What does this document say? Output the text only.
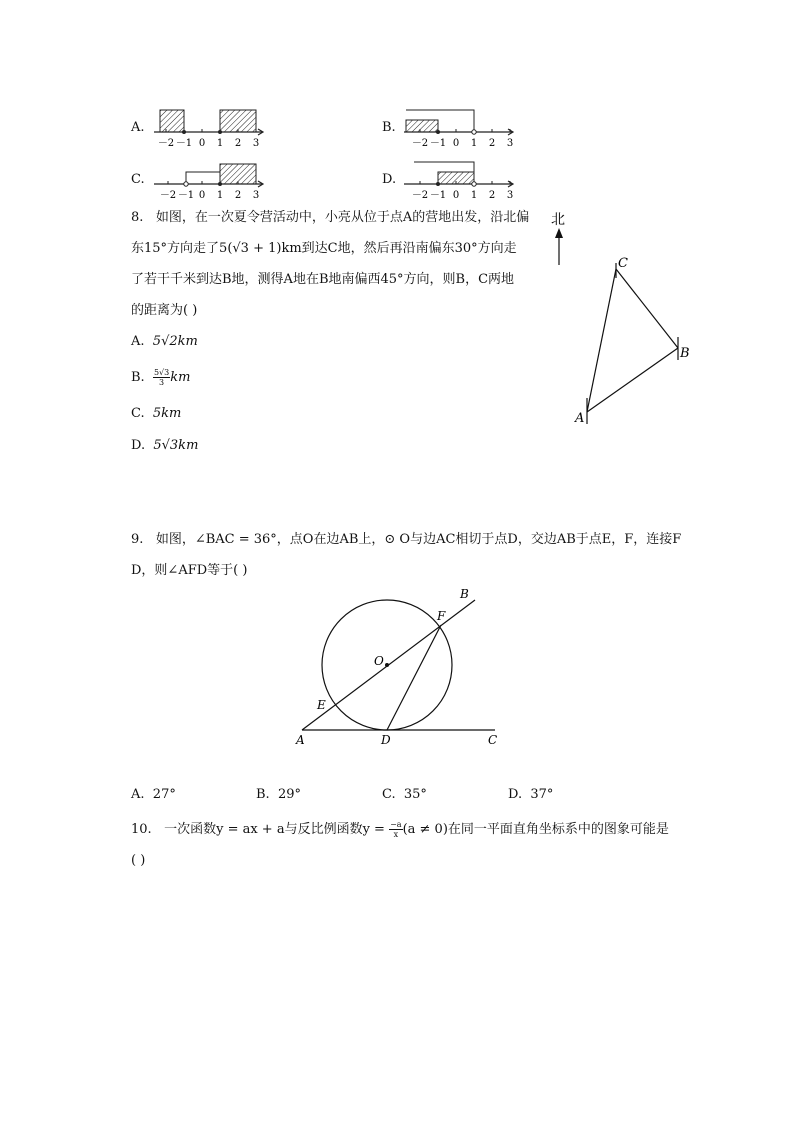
A.
－2 －1 0 1 2 3
B.
－2 －1 0 1 2 3
C.
－2 －1 0 1 2 3
D.
－2 －1 0 1 2 3
8. 如图，在一次夏令营活动中，小亮从位于点A的营地出发，沿北偏
东15°方向走了5(√3 + 1)km到达C地，然后再沿南偏东30°方向走
了若干千米到达B地，测得A地在B地南偏西45°方向，则B，C两地
的距离为( )
A. 5√2km
B. $\frac{5√3}{3}$ km
C. 5km
D. 5√3km
北
A
C
B
9. 如图，∠BAC = 36°，点O在边AB上，⊙ O与边AC相切于点D，交边AB于点E，F，连接F
D，则∠AFD等于( )
B
F
O
E
A	D	C
A. 27°	B. 29°	C. 35°	D. 37°
10. 一次函数y = ax + a与反比例函数$y = \frac{-a}{x} (a \ne 0)$在同一平面直角坐标系中的图象可能是
( )
